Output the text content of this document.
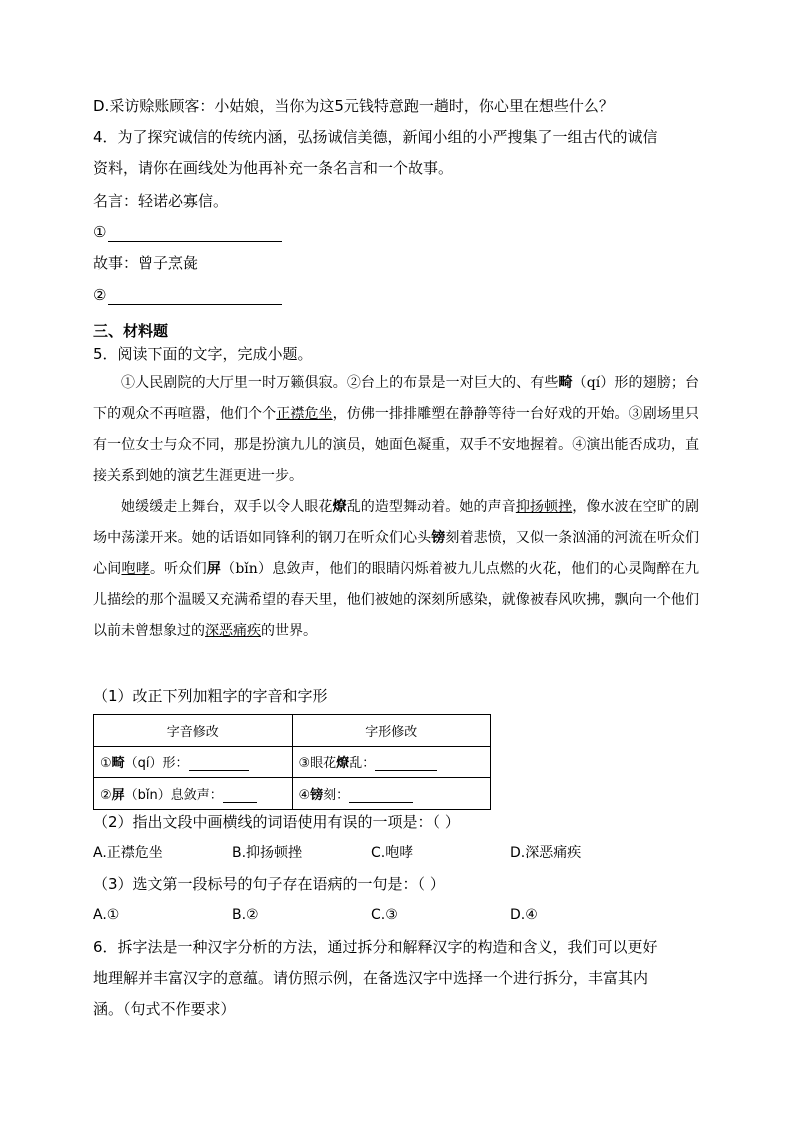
D.采访赊账顾客：小姑娘，当你为这5元钱特意跑一趟时，你心里在想些什么？
4．为了探究诚信的传统内涵，弘扬诚信美德，新闻小组的小严搜集了一组古代的诚信
资料，请你在画线处为他再补充一条名言和一个故事。
名言：轻诺必寡信。
①
故事：曾子烹彘
②
三、材料题
5．阅读下面的文字，完成小题。
①人民剧院的大厅里一时万籁俱寂。②台上的布景是一对巨大的、有些畸（qí）形的翅膀；台下的观众不再喧嚣，他们个个正襟危坐，仿佛一排排雕塑在静静等待一台好戏的开始。③剧场里只有一位女士与众不同，那是扮演九儿的演员，她面色凝重，双手不安地握着。④演出能否成功，直接关系到她的演艺生涯更进一步。
她缓缓走上舞台，双手以令人眼花燎乱的造型舞动着。她的声音抑扬顿挫，像水波在空旷的剧场中荡漾开来。她的话语如同锋利的钢刀在听众们心头镑刻着悲愤，又似一条汹涌的河流在听众们心间咆哮。听众们屏（bǐn）息敛声，他们的眼睛闪烁着被九儿点燃的火花，他们的心灵陶醉在九儿描绘的那个温暖又充满希望的春天里，他们被她的深刻所感染，就像被春风吹拂，飘向一个他们以前未曾想象过的深恶痛疾的世界。
（1）改正下列加粗字的字音和字形
字音修改	字形修改
①畸（qí）形：	③眼花燎乱：
②屏（bǐn）息敛声：	④镑刻：
（2）指出文段中画横线的词语使用有误的一项是：（ ）
A.正襟危坐	B.抑扬顿挫	C.咆哮	D.深恶痛疾
（3）选文第一段标号的句子存在语病的一句是：（ ）
A.①	B.②	C.③	D.④
6．拆字法是一种汉字分析的方法，通过拆分和解释汉字的构造和含义，我们可以更好
地理解并丰富汉字的意蕴。请仿照示例，在备选汉字中选择一个进行拆分，丰富其内
涵。（句式不作要求）
